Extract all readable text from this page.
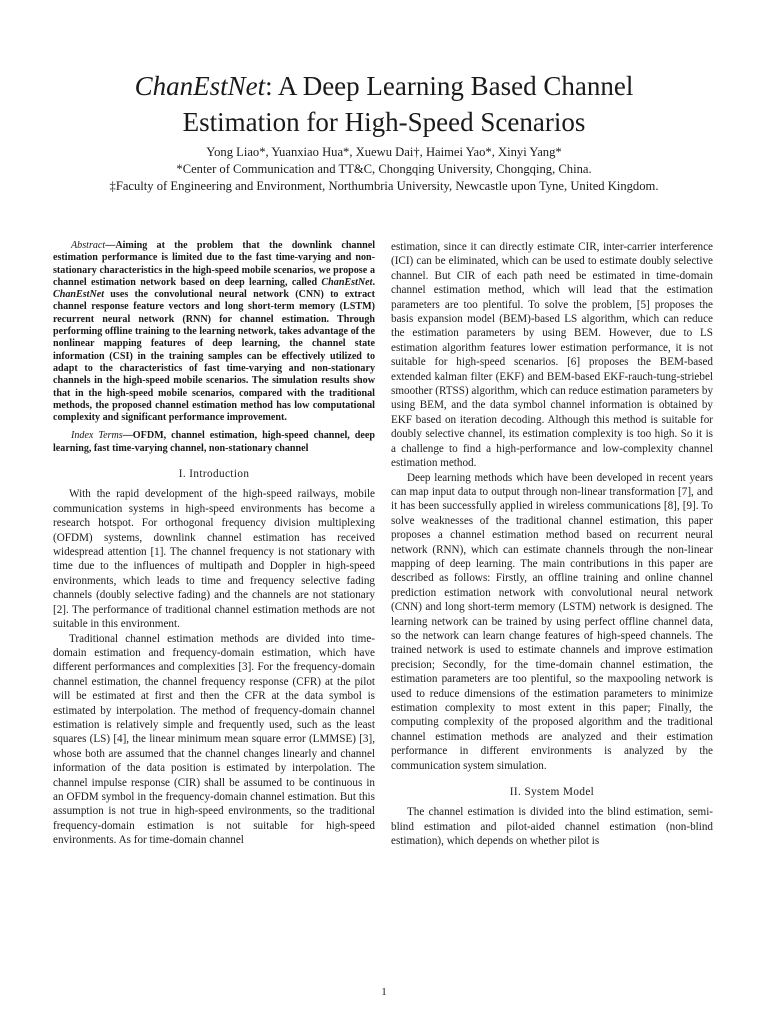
ChanEstNet: A Deep Learning Based Channel
Estimation for High-Speed Scenarios
Yong Liao*, Yuanxiao Hua*, Xuewu Dai†, Haimei Yao*, Xinyi Yang*
*Center of Communication and TT&C, Chongqing University, Chongqing, China.
‡Faculty of Engineering and Environment, Northumbria University, Newcastle upon Tyne, United Kingdom.
Abstract—Aiming at the problem that the downlink channel estimation performance is limited due to the fast time-varying and non-stationary characteristics in the high-speed mobile scenarios, we propose a channel estimation network based on deep learning, called ChanEstNet. ChanEstNet uses the convolutional neural network (CNN) to extract channel response feature vectors and long short-term memory (LSTM) recurrent neural network (RNN) for channel estimation. Through performing offline training to the learning network, takes advantage of the nonlinear mapping features of deep learning, the channel state information (CSI) in the training samples can be effectively utilized to adapt to the characteristics of fast time-varying and non-stationary channels in the high-speed mobile scenarios. The simulation results show that in the high-speed mobile scenarios, compared with the traditional methods, the proposed channel estimation method has low computational complexity and significant performance improvement.
Index Terms—OFDM, channel estimation, high-speed channel, deep learning, fast time-varying channel, non-stationary channel
I. Introduction

With the rapid development of the high-speed railways, mobile communication systems in high-speed environments has become a research hotspot. For orthogonal frequency division multiplexing (OFDM) systems, downlink channel estimation has received widespread attention [1]. The channel frequency is not stationary with time due to the influences of multipath and Doppler in high-speed environments, which leads to time and frequency selective fading channels (doubly selective fading) and the channels are not stationary [2]. The performance of traditional channel estimation methods are not suitable in this environment.

Traditional channel estimation methods are divided into time-domain estimation and frequency-domain estimation, which have different performances and complexities [3]. For the frequency-domain channel estimation, the channel frequency response (CFR) at the pilot will be estimated at first and then the CFR at the data symbol is estimated by interpolation. The method of frequency-domain channel estimation is relatively simple and frequently used, such as the least squares (LS) [4], the linear minimum mean square error (LMMSE) [3], whose both are assumed that the channel changes linearly and channel information of the data position is estimated by interpolation. The channel impulse response (CIR) shall be assumed to be continuous in an OFDM symbol in the frequency-domain channel estimation. But this assumption is not true in high-speed environments, so the traditional frequency-domain estimation is not suitable for high-speed environments. As for time-domain channel

estimation, since it can directly estimate CIR, inter-carrier interference (ICI) can be eliminated, which can be used to estimate doubly selective channel. But CIR of each path need be estimated in time-domain channel estimation method, which will lead that the estimation parameters are too plentiful. To solve the problem, [5] proposes the basis expansion model (BEM)-based LS algorithm, which can reduce the estimation parameters by using BEM. However, due to LS estimation algorithm features lower estimation performance, it is not suitable for high-speed scenarios. [6] proposes the BEM-based extended kalman filter (EKF) and BEM-based EKF-rauch-tung-striebel smoother (RTSS) algorithm, which can reduce estimation parameters by using BEM, and the data symbol channel information is obtained by EKF based on iteration decoding. Although this method is suitable for doubly selective channel, its estimation complexity is too high. So it is a challenge to find a high-performance and low-complexity channel estimation method.

Deep learning methods which have been developed in recent years can map input data to output through non-linear transformation [7], and it has been successfully applied in wireless communications [8], [9]. To solve weaknesses of the traditional channel estimation, this paper proposes a channel estimation method based on recurrent neural network (RNN), which can estimate channels through the non-linear mapping of deep learning. The main contributions in this paper are described as follows: Firstly, an offline training and online channel prediction estimation network with convolutional neural network (CNN) and long short-term memory (LSTM) network is designed. The learning network can be trained by using perfect offline channel data, so the network can learn change features of high-speed channels. The trained network is used to estimate channels and improve estimation precision; Secondly, for the time-domain channel estimation, the estimation parameters are too plentiful, so the maxpooling network is used to reduce dimensions of the estimation parameters to minimize estimation complexity to most extent in this paper; Finally, the computing complexity of the proposed algorithm and the traditional channel estimation methods are analyzed and their estimation performance in different environments is analyzed by the communication system simulation.

II. System Model

The channel estimation is divided into the blind estimation, semi-blind estimation and pilot-aided channel estimation (non-blind estimation), which depends on whether pilot is

1
